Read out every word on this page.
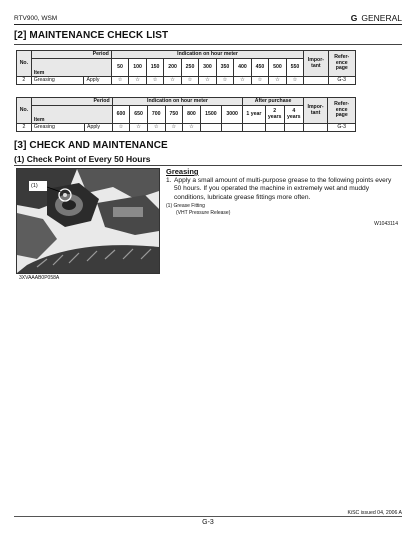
RTV900, WSM	G GENERAL
[2] MAINTENANCE CHECK LIST
No.	Period		Indication on hour meter											Impor-
tant	Refer-
ence
page
	Item		50	100	150	200	250	300	350	400	450	500	550		

2	Greasing	Apply	☆	☆	☆	☆	☆	☆	☆	☆	☆	☆	☆		G-3
No.	Period		Indication on hour meter							After purchase			Impor-
tant	Refer-
ence
page
	Item		600	650	700	750	800	1500	3000	1 year	2
years	4
years		

2	Greasing	Apply	☆	☆	☆	☆	☆							G-3
[3] CHECK AND MAINTENANCE
(1) Check Point of Every 50 Hours
(1)
3XVAAAB0P058A
Greasing
1. Apply a small amount of multi-purpose grease to the following points every 50 hours. If you operated the machine in extremely wet and muddy conditions, lubricate grease fittings more often.
(1) Grease Fitting
(VHT Pressure Release)
W1043114
KiSC issued 04, 2006 A
G-3
